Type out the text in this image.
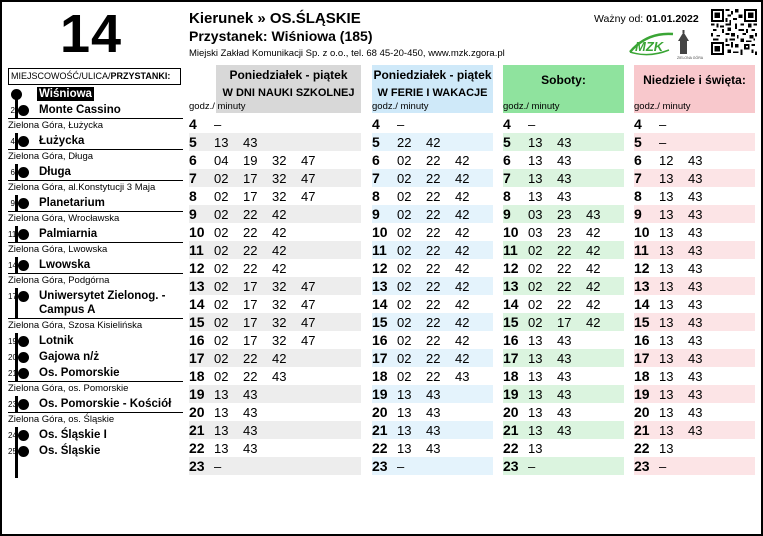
14	Kierunek » OS.ŚLĄSKIE
Przystanek: Wiśniowa (185)
Miejski Zakład Komunikacji Sp. z o.o., tel. 68 45-20-450, www.mzk.zgora.pl
Ważny od: 01.01.2022
MZK
ZIELONA GÓRA
MIEJSCOWOŚĆ/ULICA/PRZYSTANKI:
Wiśniowa
2 Monte Cassino
Zielona Góra, Łużycka
4 Łużycka
Zielona Góra, Długa
6 Długa
Zielona Góra, al.Konstytucji 3 Maja
9 Planetarium
Zielona Góra, Wrocławska
11 Palmiarnia
Zielona Góra, Lwowska
14 Lwowska
Zielona Góra, Podgórna
17 Uniwersytet Zielonog. - Campus A
Zielona Góra, Szosa Kisielińska
19 Lotnik
20 Gajowa n/ż
21 Os. Pomorskie
Zielona Góra, os. Pomorskie
23 Os. Pomorskie - Kościół
Zielona Góra, os. Śląskie
24 Os. Śląskie I
25 Os. Śląskie
Poniedziałek - piątek
W DNI NAUKI SZKOLNEJ
godz./ minuty
4 –
5 13 43
6 04 19 32 47
7 02 17 32 47
8 02 17 32 47
9 02 22 42
10 02 22 42
11 02 22 42
12 02 22 42
13 02 17 32 47
14 02 17 32 47
15 02 17 32 47
16 02 17 32 47
17 02 22 42
18 02 22 43
19 13 43
20 13 43
21 13 43
22 13 43
23 –
Poniedziałek - piątek
W FERIE I WAKACJE
godz./ minuty
4 –
5 22 42
6 02 22 42
7 02 22 42
8 02 22 42
9 02 22 42
10 02 22 42
11 02 22 42
12 02 22 42
13 02 22 42
14 02 22 42
15 02 22 42
16 02 22 42
17 02 22 42
18 02 22 43
19 13 43
20 13 43
21 13 43
22 13 43
23 –
Soboty:
godz./ minuty
4 –
5 13 43
6 13 43
7 13 43
8 13 43
9 03 23 43
10 03 23 42
11 02 22 42
12 02 22 42
13 02 22 42
14 02 22 42
15 02 17 42
16 13 43
17 13 43
18 13 43
19 13 43
20 13 43
21 13 43
22 13
23 –
Niedziele i święta:
godz./ minuty
4 –
5 –
6 12 43
7 13 43
8 13 43
9 13 43
10 13 43
11 13 43
12 13 43
13 13 43
14 13 43
15 13 43
16 13 43
17 13 43
18 13 43
19 13 43
20 13 43
21 13 43
22 13
23 –
